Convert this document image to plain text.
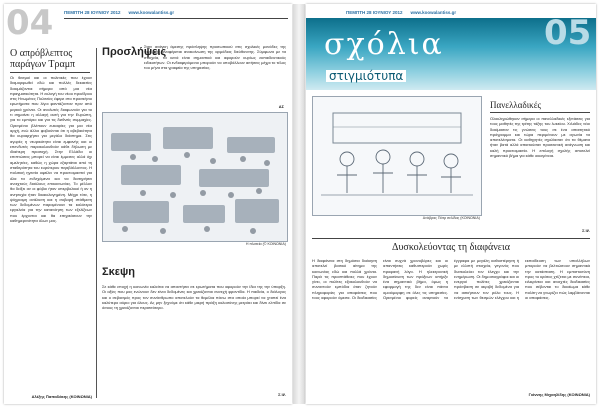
04 ΠΕΜΠΤΗ 28 ΙΟΥΝΙΟΥ 2012 www.koowalantiss.gr
Ο απρόβλεπτος παράγων Τραμπ
Οι θεσμοί και οι πολιτικές που έχουν διαμορφωθεί εδώ και πολλές δεκαετίες δοκιμάζονται σήμερα από μια νέα πραγματικότητα. Η εκλογή του νέου προέδρου στις Ηνωμένες Πολιτείες έφερε στο προσκήνιο ερωτήματα που λίγοι φαντάζονταν πριν από μερικά χρόνια. Οι αναλυτές διαφωνούν για το τι σημαίνει η αλλαγή αυτή για την Ευρώπη, για το εμπόριο και για τις διεθνείς συμμαχίες. Ορισμένοι βλέπουν ευκαιρίες για μια νέα αρχή, ενώ άλλοι φοβούνται ότι η αβεβαιότητα θα κυριαρχήσει για μεγάλο διάστημα. Στις αγορές η νευρικότητα είναι εμφανής και οι επενδυτές παρακολουθούν κάθε δήλωση με ιδιαίτερη προσοχή. Στην Ελλάδα οι επιπτώσεις μπορεί να είναι έμμεσες αλλά όχι αμελητέες, καθώς η χώρα εξαρτάται από τη σταθερότητα του ευρύτερου περιβάλλοντος. Η πολιτική ηγεσία οφείλει να προετοιμαστεί για όλα τα ενδεχόμενα και να διατηρήσει ανοιχτούς διαύλους επικοινωνίας. Το μέλλον θα δείξει αν οι φόβοι ήταν υπερβολικοί ή αν η ανησυχία ήταν δικαιολογημένη. Μέχρι τότε, η ψύχραιμη ανάλυση και η σοβαρή στάθμιση των δεδομένων παραμένουν τα καλύτερα εργαλεία για την κατανόηση των εξελίξεων που έρχονται και θα επηρεάσουν την καθημερινότητα όλων μας.
Αλέξης Παπαδάκης (ΚΟΙΝΩΝΙΑ)
Προσλήψεις
Στην ανάγκη άμεσης πρόσληψης προσωπικού στις σχολικές μονάδες της περιοχής αναφέρεται ανακοίνωση της αρμόδιας διεύθυνσης. Σύμφωνα με τα στοιχεία, τα κενά είναι σημαντικά και αφορούν κυρίως εκπαιδευτικούς ειδικοτήτων. Οι ενδιαφερόμενοι μπορούν να υποβάλλουν αιτήσεις μέχρι το τέλος του μήνα στα γραφεία της υπηρεσίας.
ΑΣ
Η πλατεία (© ΚΟΙΝΩΝΙΑ)
Σκεψη
Σε κάθε εποχή η κοινωνία καλείται να απαντήσει σε ερωτήματα που αφορούν την ίδια της την ύπαρξη. Οι αξίες που μας ενώνουν δεν είναι δεδομένες και χρειάζονται συνεχή φροντίδα. Η παιδεία, ο διάλογος και ο σεβασμός προς τον συνάνθρωπο αποτελούν τα θεμέλια πάνω στα οποία μπορεί να χτιστεί ένα καλύτερο αύριο για όλους. Ας μην ξεχνάμε ότι κάθε μικρή πράξη καλοσύνης μετράει και δίνει ελπίδα σε όσους τη χρειάζονται περισσότερο.
Σ.Ψ.
ΠΕΜΠΤΗ 28 ΙΟΥΝΙΟΥ 2012 www.koowalantiss.gr
σχόλια
στιγμιότυπα
05
Ανάβρας Πάτρ σελίδας (ΚΟΙΝΩΝΙΑ)
Πανελλαδικές
Ολοκληρώθηκαν σήμερα οι πανελλαδικές εξετάσεις για τους μαθητές της τρίτης τάξης του λυκείου. Χιλιάδες νέοι δοκίμασαν τις γνώσεις τους σε ένα απαιτητικό πρόγραμμα και τώρα περιμένουν με αγωνία τα αποτελέσματα. Οι καθηγητές σχολίασαν ότι τα θέματα ήταν βατά αλλά απαιτούσαν προσεκτική ανάγνωση και καλή προετοιμασία. Η επιλογή σχολής αποτελεί σημαντικό βήμα για κάθε οικογένεια.
Σ.Ψ.
Δυσκολεύοντας τη διαφάνεια
Η διαφάνεια στη δημόσια διοίκηση αποτελεί βασικό αίτημα της κοινωνίας εδώ και πολλά χρόνια. Παρά τις προσπάθειες που έχουν γίνει, οι πολίτες εξακολουθούν να συναντούν εμπόδια όταν ζητούν πληροφορίες για αποφάσεις που τους αφορούν άμεσα. Οι διαδικασίες είναι συχνά χρονοβόρες και οι απαντήσεις καθυστερούν χωρίς προφανή λόγο. Η ηλεκτρονική δημοσίευση των πράξεων υπήρξε ένα σημαντικό βήμα, όμως η εφαρμογή της δεν είναι πάντα ομοιόμορφη σε όλες τις υπηρεσίες. Ορισμένοι φορείς αναρτούν τα έγγραφα με μεγάλη καθυστέρηση ή με ελλιπή στοιχεία, γεγονός που δυσκολεύει τον έλεγχο και την ενημέρωση. Οι δημοσιογράφοι και οι ενεργοί πολίτες χρειάζονται πρόσβαση σε ακριβή δεδομένα για να ασκήσουν τον ρόλο τους. Η ενίσχυση των θεσμών ελέγχου και η εκπαίδευση των υπαλλήλων μπορούν να βελτιώσουν σημαντικά την κατάσταση. Η εμπιστοσύνη προς το κράτος χτίζεται με συνέπεια, ειλικρίνεια και ανοιχτές διαδικασίες που σέβονται το δικαίωμα κάθε πολίτη να γνωρίζει πώς λαμβάνονται οι αποφάσεις.
Γιάννης Μιχαηλίδης (ΚΟΙΝΩΝΙΑ)
